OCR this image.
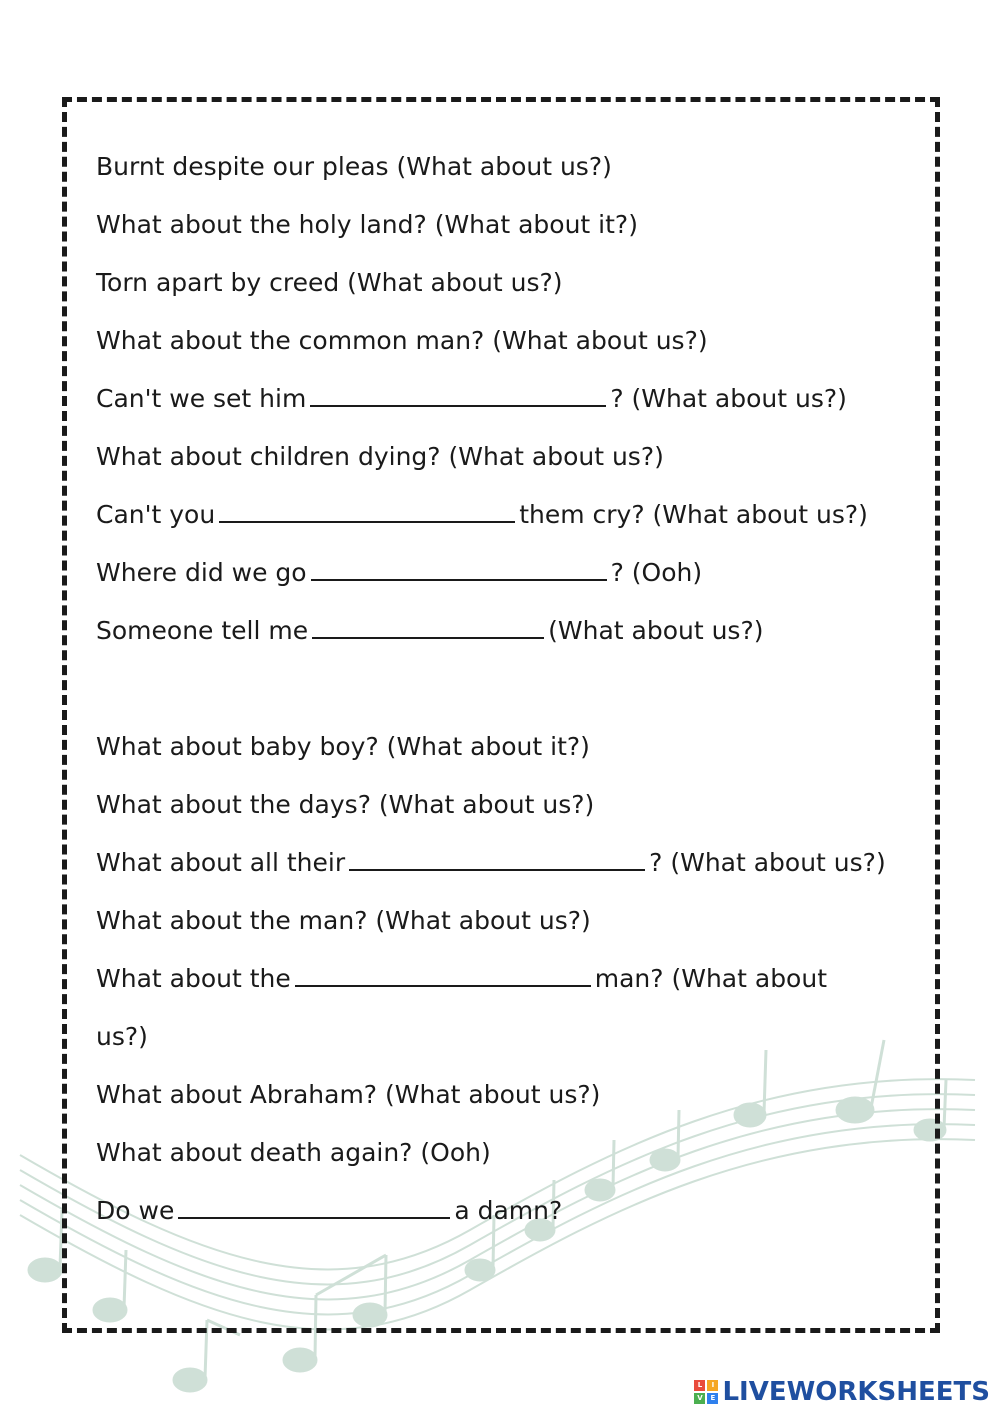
Burnt despite our pleas (What about us?)
What about the holy land? (What about it?)
Torn apart by creed (What about us?)
What about the common man? (What about us?)
Can't we set him	? (What about us?)
What about children dying? (What about us?)
Can't you	them cry? (What about us?)
Where did we go	? (Ooh)
Someone tell me	(What about us?)
What about baby boy? (What about it?)
What about the days? (What about us?)
What about all their	? (What about us?)
What about the man? (What about us?)
What about the	man? (What about
us?)
What about Abraham? (What about us?)
What about death again? (Ooh)
Do we	a damn?
L	I
V	E LIVEWORKSHEETS
